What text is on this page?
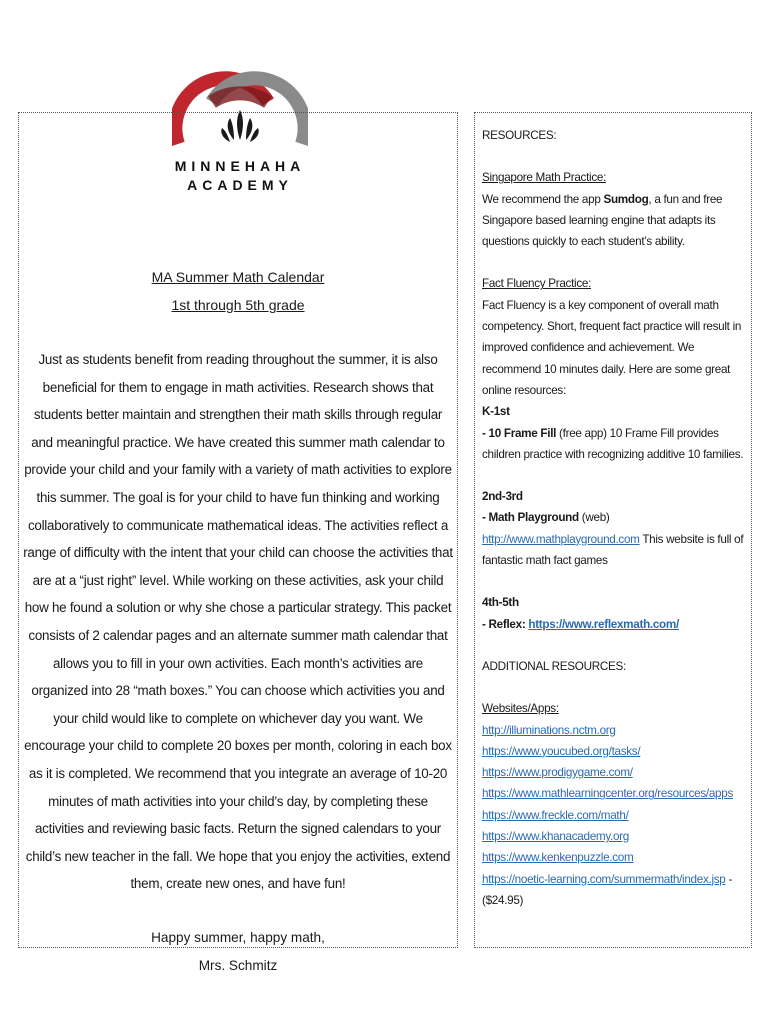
MINNEHAHA
ACADEMY
MA Summer Math Calendar
1st through 5th grade
Just as students benefit from reading throughout the summer, it is also beneficial for them to engage in math activities. Research shows that students better maintain and strengthen their math skills through regular and meaningful practice. We have created this summer math calendar to provide your child and your family with a variety of math activities to explore this summer. The goal is for your child to have fun thinking and working collaboratively to communicate mathematical ideas. The activities reflect a range of difficulty with the intent that your child can choose the activities that are at a “just right” level. While working on these activities, ask your child how he found a solution or why she chose a particular strategy. This packet consists of 2 calendar pages and an alternate summer math calendar that allows you to fill in your own activities. Each month’s activities are organized into 28 “math boxes.” You can choose which activities you and your child would like to complete on whichever day you want. We encourage your child to complete 20 boxes per month, coloring in each box as it is completed. We recommend that you integrate an average of 10-20 minutes of math activities into your child’s day, by completing these activities and reviewing basic facts. Return the signed calendars to your child’s new teacher in the fall. We hope that you enjoy the activities, extend them, create new ones, and have fun!
Happy summer, happy math,
Mrs. Schmitz
RESOURCES:
Singapore Math Practice:
We recommend the app Sumdog, a fun and free Singapore based learning engine that adapts its questions quickly to each student’s ability.
Fact Fluency Practice:
Fact Fluency is a key component of overall math competency. Short, frequent fact practice will result in improved confidence and achievement. We recommend 10 minutes daily. Here are some great online resources:
K-1st
- 10 Frame Fill (free app) 10 Frame Fill provides children practice with recognizing additive 10 families.
2nd-3rd
- Math Playground (web)
http://www.mathplayground.com This website is full of fantastic math fact games
4th-5th
- Reflex: https://www.reflexmath.com/
ADDITIONAL RESOURCES:
Websites/Apps:
http://illuminations.nctm.org
https://www.youcubed.org/tasks/
https://www.prodigygame.com/
https://www.mathlearningcenter.org/resources/apps
https://www.freckle.com/math/
https://www.khanacademy.org
https://www.kenkenpuzzle.com
https://noetic-learning.com/summermath/index.jsp -
($24.95)
